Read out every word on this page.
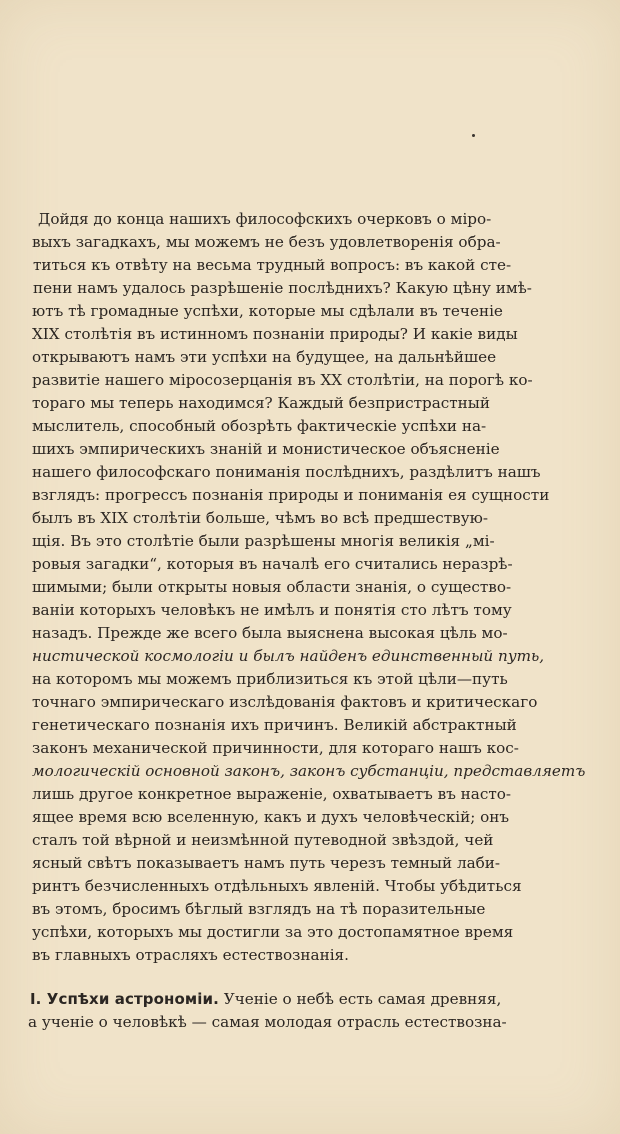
Дойдя до конца нашихъ философскихъ очерковъ о міро-
выхъ загадкахъ, мы можемъ не безъ удовлетворенія обра-
титься къ отвѣту на весьма трудный вопросъ: въ какой сте-
пени намъ удалось разрѣшеніе послѣднихъ? Какую цѣну имѣ-
ютъ тѣ громадные успѣхи, которые мы сдѣлали въ теченіе
XIX столѣтія въ истинномъ познаніи природы? И какіе виды
открываютъ намъ эти успѣхи на будущее, на дальнѣйшее
развитіе нашего міросозерцанія въ XX столѣтіи, на порогѣ ко-
тораго мы теперь находимся? Каждый безпристрастный
мыслитель, способный обозрѣть фактическіе успѣхи на-
шихъ эмпирическихъ знаній и монистическое объясненіе
нашего философскаго пониманія послѣднихъ, раздѣлитъ нашъ
взглядъ: прогрессъ познанія природы и пониманія ея сущности
былъ въ XIX столѣтіи больше, чѣмъ во всѣ предшествую-
щія. Въ это столѣтіе были разрѣшены многія великія „мі-
ровыя загадки“, которыя въ началѣ его считались неразрѣ-
шимыми; были открыты новыя области знанія, о существо-
ваніи которыхъ человѣкъ не имѣлъ и понятія сто лѣтъ тому
назадъ. Прежде же всего была выяснена высокая цѣль мо-
нистической космологіи и былъ найденъ единственный путь,
на которомъ мы можемъ приблизиться къ этой цѣли—путь
точнаго эмпирическаго изслѣдованія фактовъ и критическаго
генетическаго познанія ихъ причинъ. Великій абстрактный
законъ механической причинности, для котораго нашъ кос-
мологическій основной законъ, законъ субстанціи, представляетъ
лишь другое конкретное выраженіе, охватываетъ въ насто-
ящее время всю вселенную, какъ и духъ человѣческій; онъ
сталъ той вѣрной и неизмѣнной путеводной звѣздой, чей
ясный свѣтъ показываетъ намъ путь черезъ темный лаби-
ринтъ безчисленныхъ отдѣльныхъ явленій. Чтобы убѣдиться
въ этомъ, бросимъ бѣглый взглядъ на тѣ поразительные
успѣхи, которыхъ мы достигли за это достопамятное время
въ главныхъ отрасляхъ естествознанія.
I. Успѣхи астрономіи. Ученіе о небѣ есть самая древняя,
а ученіе о человѣкѣ — самая молодая отрасль естествозна-
